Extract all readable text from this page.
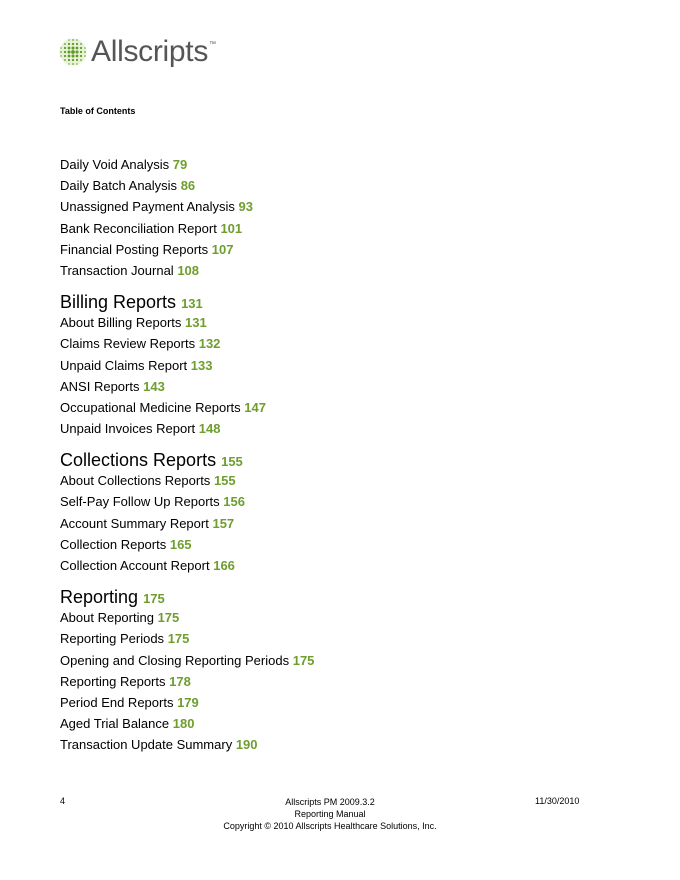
Allscripts ™
Table of Contents
Daily Void Analysis 79
Daily Batch Analysis 86
Unassigned Payment Analysis 93
Bank Reconciliation Report 101
Financial Posting Reports 107
Transaction Journal 108
Billing Reports 131
About Billing Reports 131
Claims Review Reports 132
Unpaid Claims Report 133
ANSI Reports 143
Occupational Medicine Reports 147
Unpaid Invoices Report 148
Collections Reports 155
About Collections Reports 155
Self-Pay Follow Up Reports 156
Account Summary Report 157
Collection Reports 165
Collection Account Report 166
Reporting 175
About Reporting 175
Reporting Periods 175
Opening and Closing Reporting Periods 175
Reporting Reports 178
Period End Reports 179
Aged Trial Balance 180
Transaction Update Summary 190
4	Allscripts PM 2009.3.2
Reporting Manual
Copyright © 2010 Allscripts Healthcare Solutions, Inc.
11/30/2010
